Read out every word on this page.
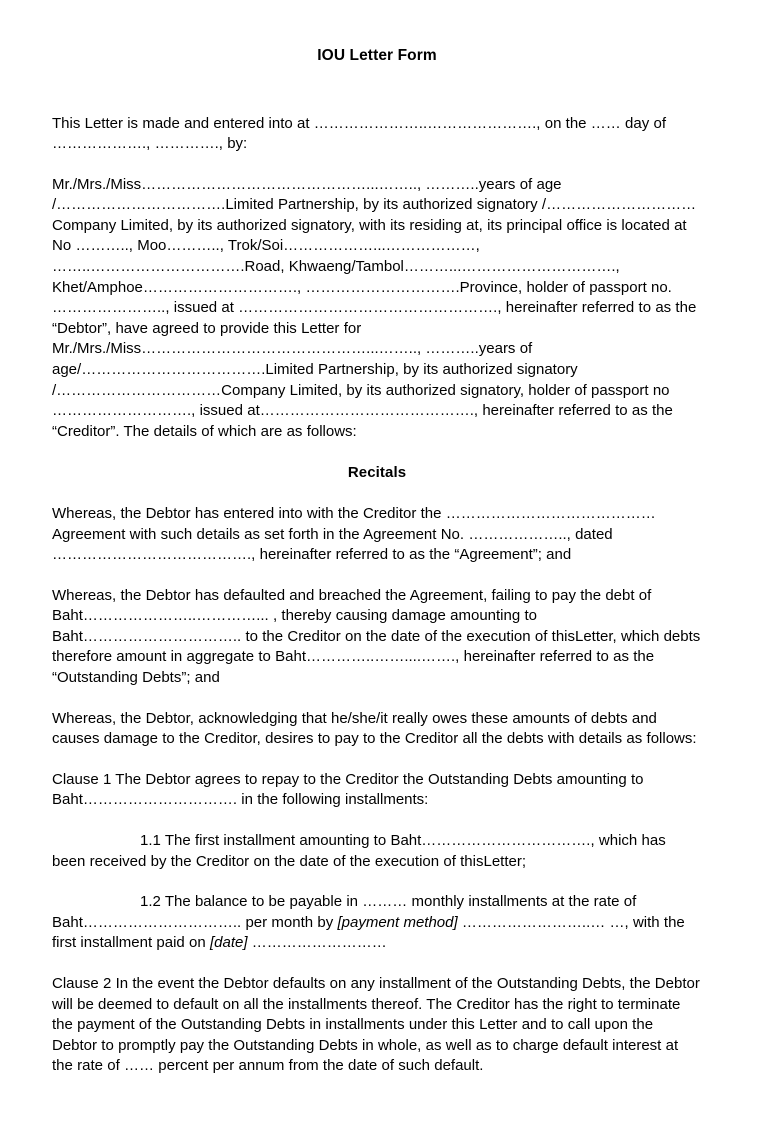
IOU Letter Form
This Letter is made and entered into at …………………..…………………., on the …… day of ………………., …………., by:
Mr./Mrs./Miss………………………………………...…….., ………..years of age /…………………………….Limited Partnership, by its authorized signatory /…………………………Company Limited, by its authorized signatory, with its residing at, its principal office is located at No ……….., Moo……….., Trok/Soi………………...………………, ……..………………………….Road, Khwaeng/Tambol………...…………………………., Khet/Amphoe…………………………., ………………………….Province, holder of passport no. ………………….., issued at ……………………………………………., hereinafter referred to as the “Debtor”, have agreed to provide this Letter for Mr./Mrs./Miss………………………………………...…….., ………..years of age/……………………………….Limited Partnership, by its authorized signatory /……………………………Company Limited, by its authorized signatory, holder of passport no ………………………., issued at……………………………………., hereinafter referred to as the “Creditor”. The details of which are as follows:
Recitals
Whereas, the Debtor has entered into with the Creditor the …………………………………… Agreement with such details as set forth in the Agreement No. ……………….., dated …………………………………., hereinafter referred to as the “Agreement”; and
Whereas, the Debtor has defaulted and breached the Agreement, failing to pay the debt of Baht…………………..…………... , thereby causing damage amounting to Baht………………………….. to the Creditor on the date of the execution of thisLetter, which debts therefore amount in aggregate to Baht…………..……....……., hereinafter referred to as the “Outstanding Debts”; and
Whereas, the Debtor, acknowledging that he/she/it really owes these amounts of debts and causes damage to the Creditor, desires to pay to the Creditor all the debts with details as follows:
Clause 1 The Debtor agrees to repay to the Creditor the Outstanding Debts amounting to Baht…………………………. in the following installments:
1.1 The first installment amounting to Baht……………………………., which has been received by the Creditor on the date of the execution of thisLetter;
1.2 The balance to be payable in ……… monthly installments at the rate of Baht………………………….. per month by [payment method] ……………………..… …, with the first installment paid on [date] ………………………
Clause 2 In the event the Debtor defaults on any installment of the Outstanding Debts, the Debtor will be deemed to default on all the installments thereof. The Creditor has the right to terminate the payment of the Outstanding Debts in installments under this Letter and to call upon the Debtor to promptly pay the Outstanding Debts in whole, as well as to charge default interest at the rate of …… percent per annum from the date of such default.
